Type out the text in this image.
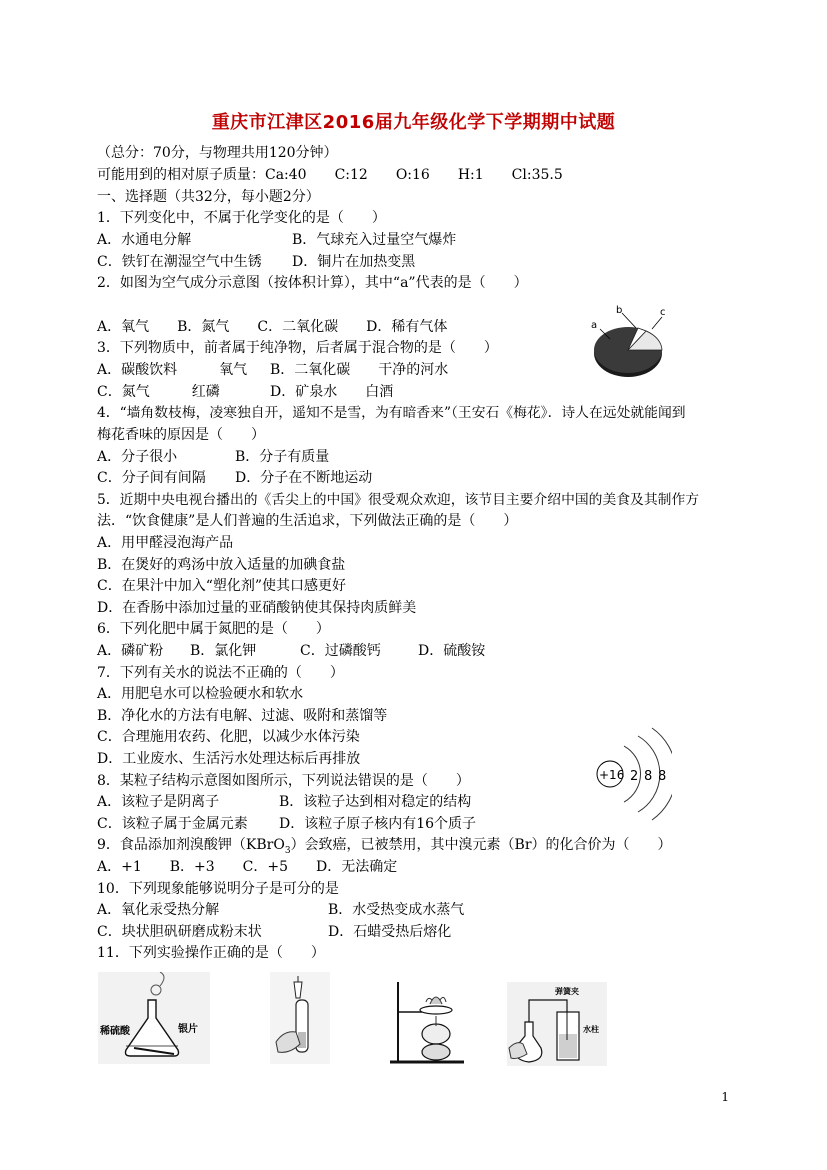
重庆市江津区2016届九年级化学下学期期中试题
（总分：70分，与物理共用120分钟）
可能用到的相对原子质量：Ca:40　　C:12　　O:16　　H:1　　Cl:35.5
一、选择题（共32分，每小题2分）
1．下列变化中，不属于化学变化的是（　　）
A．水通电分解	B．气球充入过量空气爆炸
C．铁钉在潮湿空气中生锈 D．铜片在加热变黑
2．如图为空气成分示意图（按体积计算），其中“a”代表的是（　　）
A．氧气　　B．氮气　　C．二氧化碳　　D．稀有气体	a
b	c
3．下列物质中，前者属于纯净物，后者属于混合物的是（　　）
A．碳酸饮料　　　氧气 B．二氧化碳　　干净的河水
C．氮气　　　红磷	D．矿泉水　　白酒
4．“墙角数枝梅，凌寒独自开，遥知不是雪，为有暗香来”（王安石《梅花》．诗人在远处就能闻到
梅花香味的原因是（　　）
A．分子很小	B．分子有质量
C．分子间有间隔 D．分子在不断地运动
5．近期中央电视台播出的《舌尖上的中国》很受观众欢迎，该节目主要介绍中国的美食及其制作方
法．“饮食健康”是人们普遍的生活追求，下列做法正确的是（　　）
A．用甲醛浸泡海产品
B．在煲好的鸡汤中放入适量的加碘食盐
C．在果汁中加入“塑化剂”使其口感更好
D．在香肠中添加过量的亚硝酸钠使其保持肉质鲜美
6．下列化肥中属于氮肥的是（　　）
A．磷矿粉 B．氯化钾	C．过磷酸钙	D．硫酸铵
7．下列有关水的说法不正确的（　　）
A．用肥皂水可以检验硬水和软水
B．净化水的方法有电解、过滤、吸附和蒸馏等
C．合理施用农药、化肥，以减少水体污染
D．工业废水、生活污水处理达标后再排放
+16 2 8 8
8．某粒子结构示意图如图所示，下列说法错误的是（　　）
A．该粒子是阴离子	B．该粒子达到相对稳定的结构
C．该粒子属于金属元素 D．该粒子原子核内有16个质子
9．食品添加剂溴酸钾（KBrO$_3$）会致癌，已被禁用，其中溴元素（Br）的化合价为（　　）
A．+1　　B．+3　　C．+5　　D．无法确定
10．下列现象能够说明分子是可分的是
A．氧化汞受热分解	B．水受热变成水蒸气
C．块状胆矾研磨成粉末状	D．石蜡受热后熔化
11．下列实验操作正确的是（　　）
稀硫酸	银片
弹簧夹
水柱
1
